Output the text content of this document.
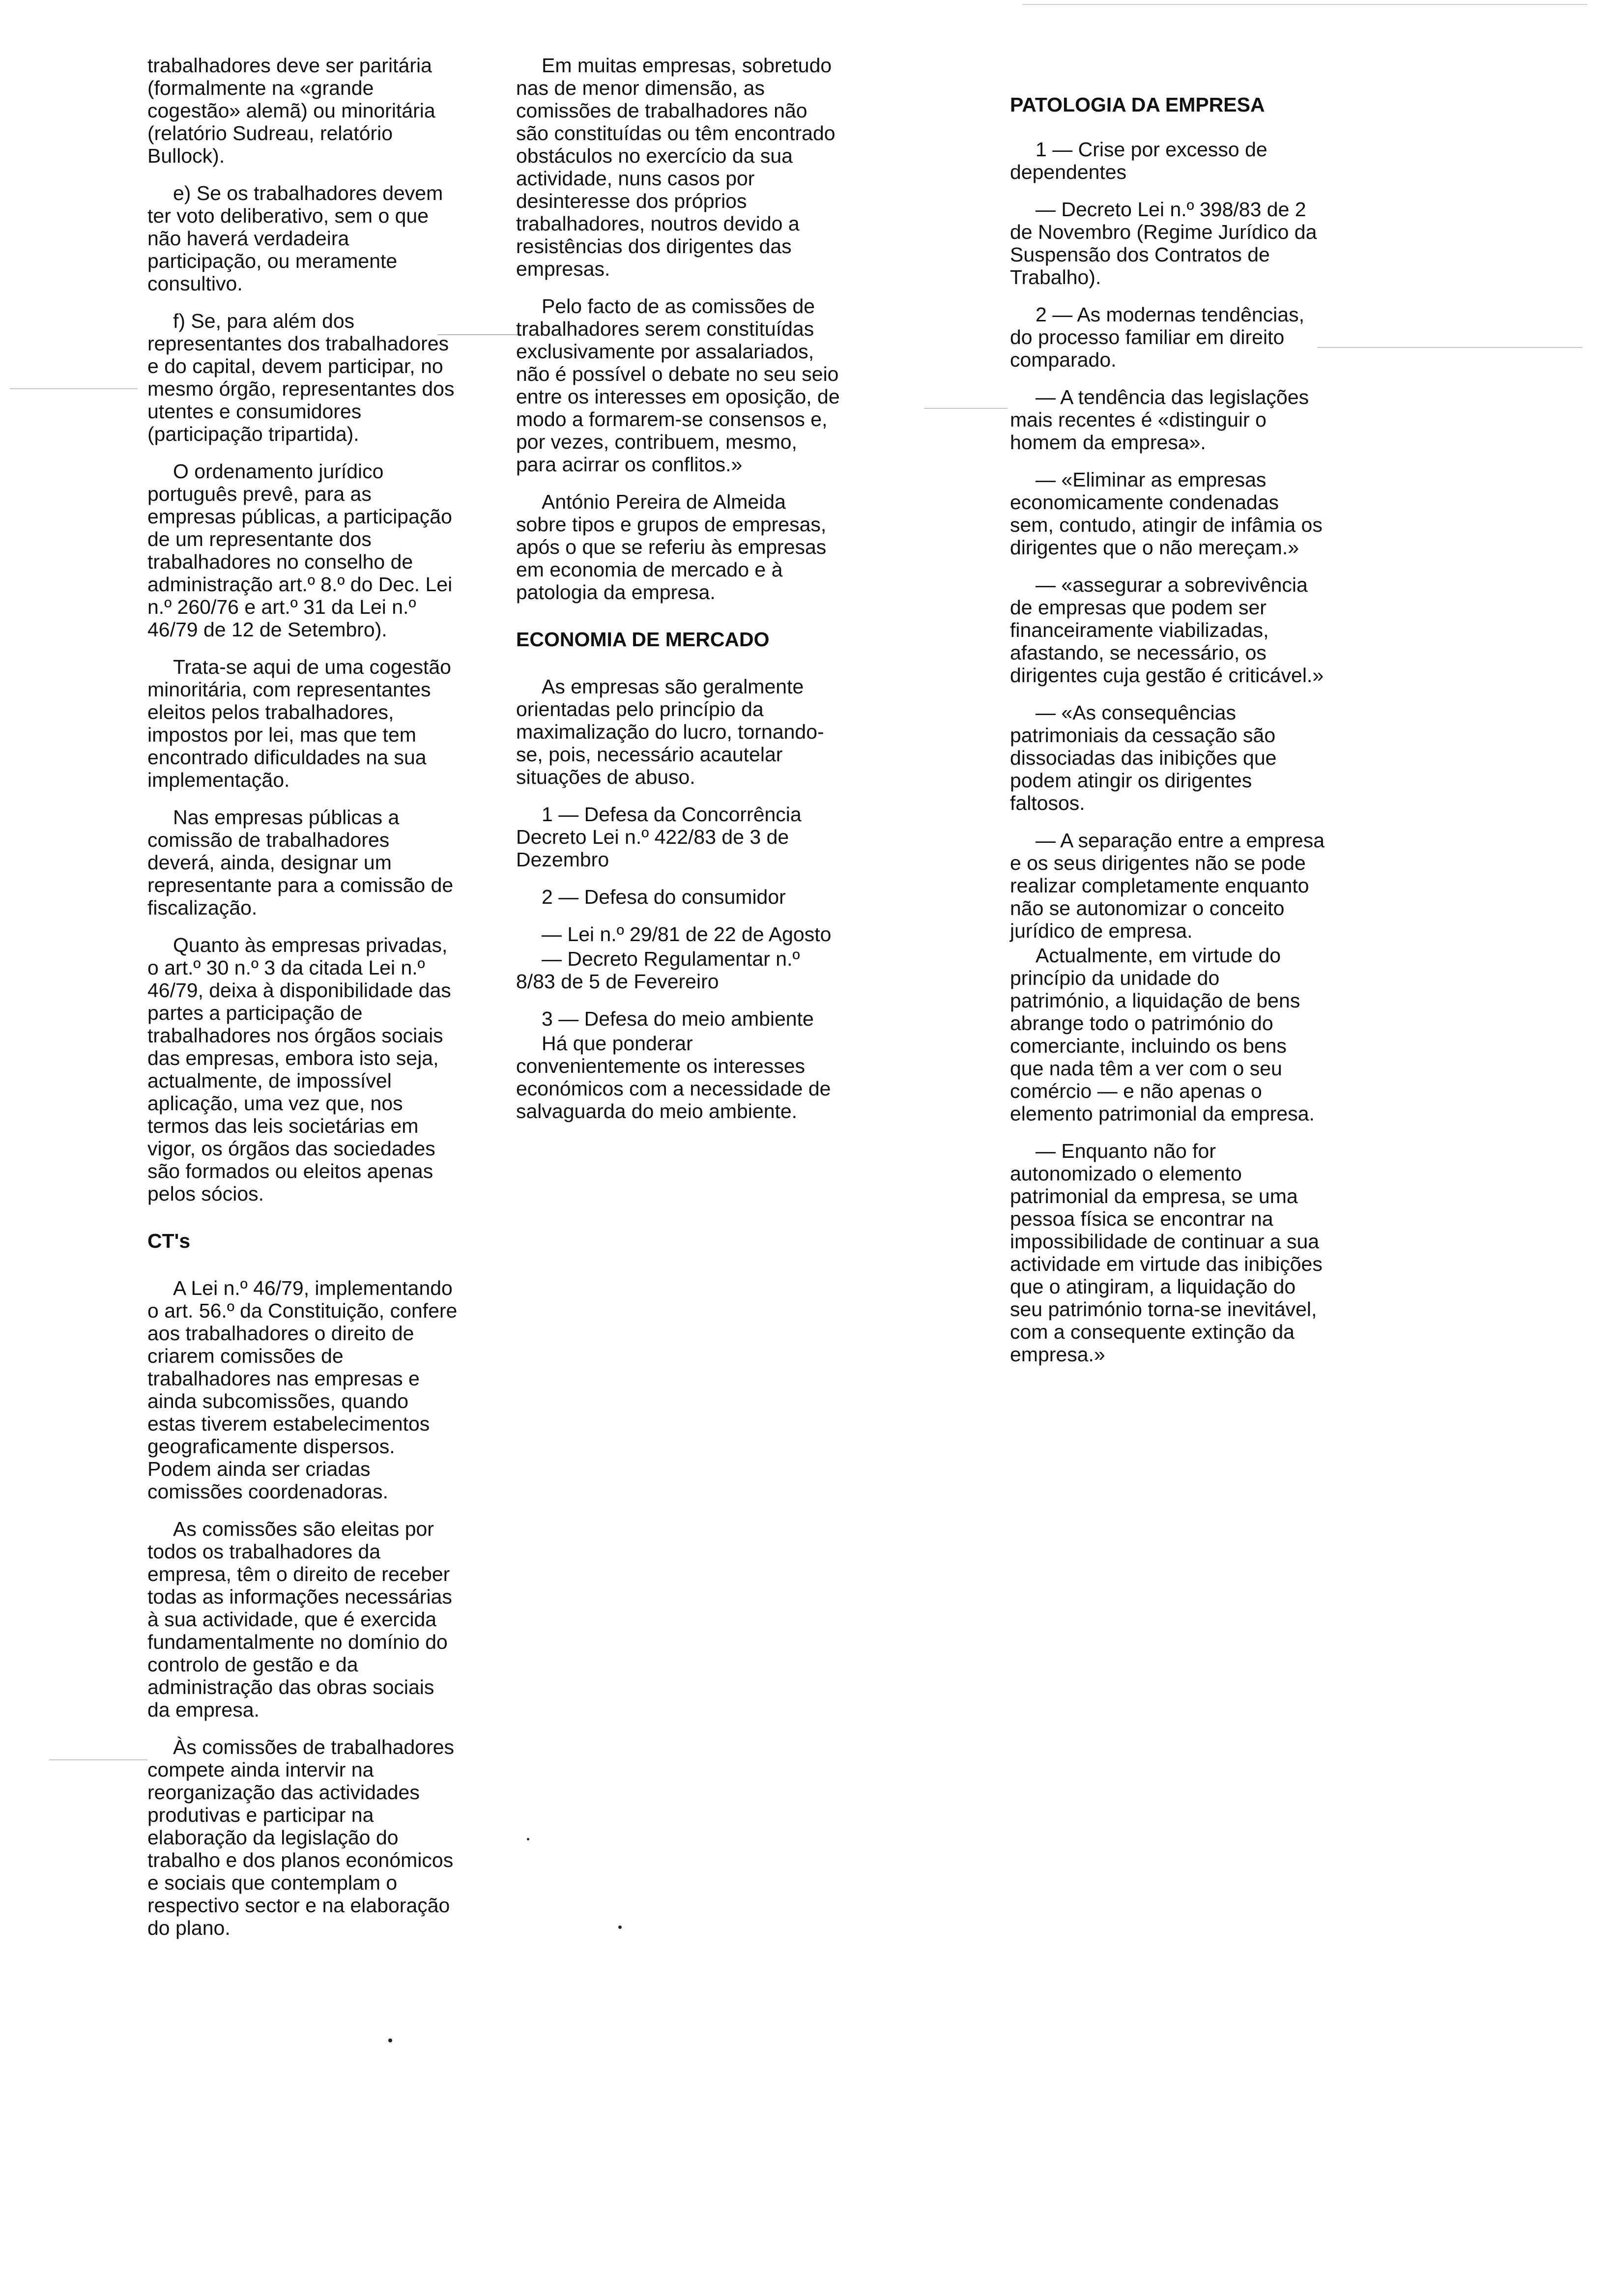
trabalhadores deve ser paritária (formalmente na «grande cogestão» alemã) ou minoritária (relatório Sudreau, relatório Bullock).

e) Se os trabalhadores devem ter voto deliberativo, sem o que não haverá verdadeira participação, ou meramente consultivo.

f) Se, para além dos representantes dos trabalhadores e do capital, devem participar, no mesmo órgão, representantes dos utentes e consumidores (participação tripartida).

O ordenamento jurídico português prevê, para as empresas públicas, a participação de um representante dos trabalhadores no conselho de administração art.º 8.º do Dec. Lei n.º 260/76 e art.º 31 da Lei n.º 46/79 de 12 de Setembro).

Trata-se aqui de uma cogestão minoritária, com representantes eleitos pelos trabalhadores, impostos por lei, mas que tem encontrado dificuldades na sua implementação.

Nas empresas públicas a comissão de trabalhadores deverá, ainda, designar um representante para a comissão de fiscalização.

Quanto às empresas privadas, o art.º 30 n.º 3 da citada Lei n.º 46/79, deixa à disponibilidade das partes a participação de trabalhadores nos órgãos sociais das empresas, embora isto seja, actualmente, de impossível aplicação, uma vez que, nos termos das leis societárias em vigor, os órgãos das sociedades são formados ou eleitos apenas pelos sócios.

CT's

A Lei n.º 46/79, implementando o art. 56.º da Constituição, confere aos trabalhadores o direito de criarem comissões de trabalhadores nas empresas e ainda subcomissões, quando estas tiverem estabelecimentos geograficamente dispersos. Podem ainda ser criadas comissões coordenadoras.

As comissões são eleitas por todos os trabalhadores da empresa, têm o direito de receber todas as informações necessárias à sua actividade, que é exercida fundamentalmente no domínio do controlo de gestão e da administração das obras sociais da empresa.

Às comissões de trabalhadores compete ainda intervir na reorganização das actividades produtivas e participar na elaboração da legislação do trabalho e dos planos económicos e sociais que contemplam o respectivo sector e na elaboração do plano.

Em muitas empresas, sobretudo nas de menor dimensão, as comissões de trabalhadores não são constituídas ou têm encontrado obstáculos no exercício da sua actividade, nuns casos por desinteresse dos próprios trabalhadores, noutros devido a resistências dos dirigentes das empresas.

Pelo facto de as comissões de trabalhadores serem constituídas exclusivamente por assalariados, não é possível o debate no seu seio entre os interesses em oposição, de modo a formarem-se consensos e, por vezes, contribuem, mesmo, para acirrar os conflitos.»

António Pereira de Almeida sobre tipos e grupos de empresas, após o que se referiu às empresas em economia de mercado e à patologia da empresa.

ECONOMIA DE MERCADO

As empresas são geralmente orientadas pelo princípio da maximalização do lucro, tornando-se, pois, necessário acautelar situações de abuso.

1 — Defesa da Concorrência Decreto Lei n.º 422/83 de 3 de Dezembro

2 — Defesa do consumidor

— Lei n.º 29/81 de 22 de Agosto

— Decreto Regulamentar n.º 8/83 de 5 de Fevereiro

3 — Defesa do meio ambiente

Há que ponderar convenientemente os interesses económicos com a necessidade de salvaguarda do meio ambiente.

PATOLOGIA DA EMPRESA

1 — Crise por excesso de dependentes

— Decreto Lei n.º 398/83 de 2 de Novembro (Regime Jurídico da Suspensão dos Contratos de Trabalho).

2 — As modernas tendências, do processo familiar em direito comparado.

— A tendência das legislações mais recentes é «distinguir o homem da empresa».

— «Eliminar as empresas economicamente condenadas sem, contudo, atingir de infâmia os dirigentes que o não mereçam.»

— «assegurar a sobrevivência de empresas que podem ser financeiramente viabilizadas, afastando, se necessário, os dirigentes cuja gestão é criticável.»

— «As consequências patrimoniais da cessação são dissociadas das inibições que podem atingir os dirigentes faltosos.

— A separação entre a empresa e os seus dirigentes não se pode realizar completamente enquanto não se autonomizar o conceito jurídico de empresa.

Actualmente, em virtude do princípio da unidade do património, a liquidação de bens abrange todo o património do comerciante, incluindo os bens que nada têm a ver com o seu comércio — e não apenas o elemento patrimonial da empresa.

— Enquanto não for autonomizado o elemento patrimonial da empresa, se uma pessoa física se encontrar na impossibilidade de continuar a sua actividade em virtude das inibições que o atingiram, a liquidação do seu património torna-se inevitável, com a consequente extinção da empresa.»
